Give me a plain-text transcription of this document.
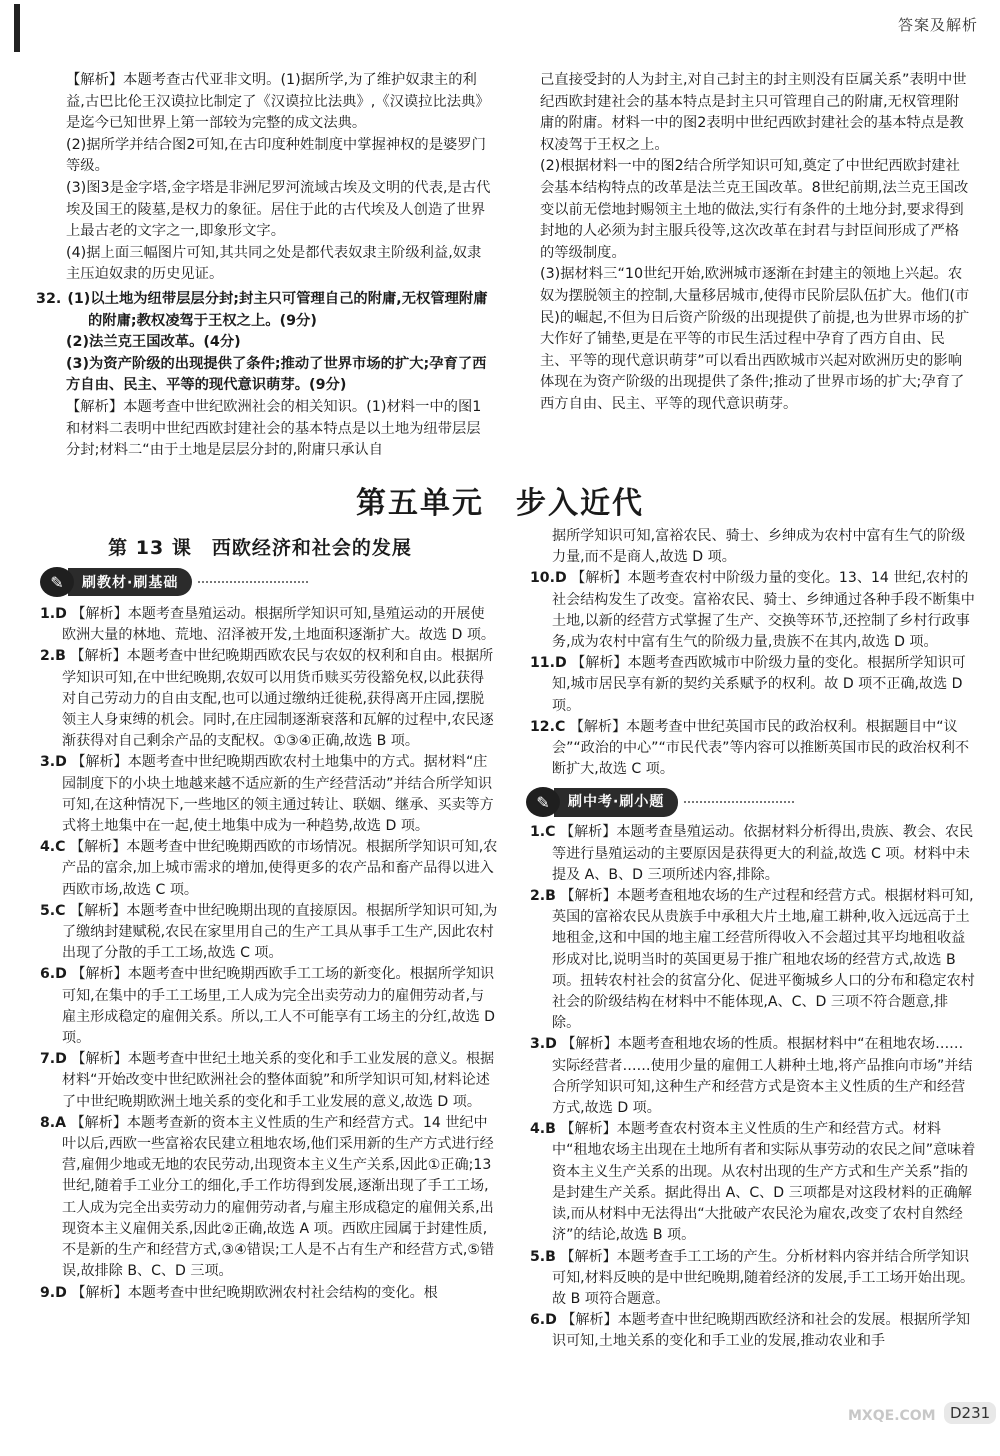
答案及解析

【解析】本题考查古代亚非文明。(1)据所学,为了维护奴隶主的利益,古巴比伦王汉谟拉比制定了《汉谟拉比法典》,《汉谟拉比法典》是迄今已知世界上第一部较为完整的成文法典。

(2)据所学并结合图2可知,在古印度种姓制度中掌握神权的是婆罗门等级。

(3)图3是金字塔,金字塔是非洲尼罗河流域古埃及文明的代表,是古代埃及国王的陵墓,是权力的象征。居住于此的古代埃及人创造了世界上最古老的文字之一,即象形文字。

(4)据上面三幅图片可知,其共同之处是都代表奴隶主阶级利益,奴隶主压迫奴隶的历史见证。

32. (1)以土地为纽带层层分封;封主只可管理自己的附庸,无权管理附庸的附庸;教权凌驾于王权之上。(9分)

(2)法兰克王国改革。(4分)

(3)为资产阶级的出现提供了条件;推动了世界市场的扩大;孕育了西方自由、民主、平等的现代意识萌芽。(9分)

【解析】本题考查中世纪欧洲社会的相关知识。(1)材料一中的图1和材料二表明中世纪西欧封建社会的基本特点是以土地为纽带层层分封;材料二“由于土地是层层分封的,附庸只承认自

己直接受封的人为封主,对自己封主的封主则没有臣属关系”表明中世纪西欧封建社会的基本特点是封主只可管理自己的附庸,无权管理附庸的附庸。材料一中的图2表明中世纪西欧封建社会的基本特点是教权凌驾于王权之上。

(2)根据材料一中的图2结合所学知识可知,奠定了中世纪西欧封建社会基本结构特点的改革是法兰克王国改革。8世纪前期,法兰克王国改变以前无偿地封赐领主土地的做法,实行有条件的土地分封,要求得到封地的人必须为封主服兵役等,这次改革在封君与封臣间形成了严格的等级制度。

(3)据材料三“10世纪开始,欧洲城市逐渐在封建主的领地上兴起。农奴为摆脱领主的控制,大量移居城市,使得市民阶层队伍扩大。他们(市民)的崛起,不但为日后资产阶级的出现提供了前提,也为世界市场的扩大作好了铺垫,更是在平等的市民生活过程中孕育了西方自由、民主、平等的现代意识萌芽”可以看出西欧城市兴起对欧洲历史的影响体现在为资产阶级的出现提供了条件;推动了世界市场的扩大;孕育了西方自由、民主、平等的现代意识萌芽。

第五单元　步入近代
第 13 课　西欧经济和社会的发展
✎	刷教材·刷基础
1.D 【解析】本题考查垦殖运动。根据所学知识可知,垦殖运动的开展使欧洲大量的林地、荒地、沼泽被开发,土地面积逐渐扩大。故选 D 项。
2.B 【解析】本题考查中世纪晚期西欧农民与农奴的权利和自由。根据所学知识可知,在中世纪晚期,农奴可以用货币赎买劳役豁免权,以此获得对自己劳动力的自由支配,也可以通过缴纳迁徙税,获得离开庄园,摆脱领主人身束缚的机会。同时,在庄园制逐渐衰落和瓦解的过程中,农民逐渐获得对自己剩余产品的支配权。①③④正确,故选 B 项。
3.D 【解析】本题考查中世纪晚期西欧农村土地集中的方式。据材料“庄园制度下的小块土地越来越不适应新的生产经营活动”并结合所学知识可知,在这种情况下,一些地区的领主通过转让、联姻、继承、买卖等方式将土地集中在一起,使土地集中成为一种趋势,故选 D 项。
4.C 【解析】本题考查中世纪晚期西欧的市场情况。根据所学知识可知,农产品的富余,加上城市需求的增加,使得更多的农产品和畜产品得以进入西欧市场,故选 C 项。
5.C 【解析】本题考查中世纪晚期出现的直接原因。根据所学知识可知,为了缴纳封建赋税,农民在家里用自己的生产工具从事手工生产,因此农村出现了分散的手工工场,故选 C 项。
6.D 【解析】本题考查中世纪晚期西欧手工工场的新变化。根据所学知识可知,在集中的手工工场里,工人成为完全出卖劳动力的雇佣劳动者,与雇主形成稳定的雇佣关系。所以,工人不可能享有工场主的分红,故选 D 项。
7.D 【解析】本题考查中世纪土地关系的变化和手工业发展的意义。根据材料“开始改变中世纪欧洲社会的整体面貌”和所学知识可知,材料论述了中世纪晚期欧洲土地关系的变化和手工业发展的意义,故选 D 项。
8.A 【解析】本题考查新的资本主义性质的生产和经营方式。14 世纪中叶以后,西欧一些富裕农民建立租地农场,他们采用新的生产方式进行经营,雇佣少地或无地的农民劳动,出现资本主义生产关系,因此①正确;13 世纪,随着手工业分工的细化,手工作坊得到发展,逐渐出现了手工工场,工人成为完全出卖劳动力的雇佣劳动者,与雇主形成稳定的雇佣关系,出现资本主义雇佣关系,因此②正确,故选 A 项。西欧庄园属于封建性质,不是新的生产和经营方式,③④错误;工人是不占有生产和经营方式,⑤错误,故排除 B、C、D 三项。
9.D 【解析】本题考查中世纪晚期欧洲农村社会结构的变化。根

据所学知识可知,富裕农民、骑士、乡绅成为农村中富有生气的阶级力量,而不是商人,故选 D 项。

10.D 【解析】本题考查农村中阶级力量的变化。13、14 世纪,农村的社会结构发生了改变。富裕农民、骑士、乡绅通过各种手段不断集中土地,以新的经营方式掌握了生产、交换等环节,还控制了乡村行政事务,成为农村中富有生气的阶级力量,贵族不在其内,故选 D 项。
11.D 【解析】本题考查西欧城市中阶级力量的变化。根据所学知识可知,城市居民享有新的契约关系赋予的权利。故 D 项不正确,故选 D 项。
12.C 【解析】本题考查中世纪英国市民的政治权利。根据题目中“议会”“政治的中心”“市民代表”等内容可以推断英国市民的政治权利不断扩大,故选 C 项。
✎	刷中考·刷小题
1.C 【解析】本题考查垦殖运动。依据材料分析得出,贵族、教会、农民等进行垦殖运动的主要原因是获得更大的利益,故选 C 项。材料中未提及 A、B、D 三项所述内容,排除。
2.B 【解析】本题考查租地农场的生产过程和经营方式。根据材料可知,英国的富裕农民从贵族手中承租大片土地,雇工耕种,收入远远高于土地租金,这和中国的地主雇工经营所得收入不会超过其平均地租收益形成对比,说明当时的英国更易于推广租地农场的经营方式,故选 B 项。扭转农村社会的贫富分化、促进平衡城乡人口的分布和稳定农村社会的阶级结构在材料中不能体现,A、C、D 三项不符合题意,排除。
3.D 【解析】本题考查租地农场的性质。根据材料中“在租地农场……实际经营者……使用少量的雇佣工人耕种土地,将产品推向市场”并结合所学知识可知,这种生产和经营方式是资本主义性质的生产和经营方式,故选 D 项。
4.B 【解析】本题考查农村资本主义性质的生产和经营方式。材料中“租地农场主出现在土地所有者和实际从事劳动的农民之间”意味着资本主义生产关系的出现。从农村出现的生产方式和生产关系”指的是封建生产关系。据此得出 A、C、D 三项都是对这段材料的正确解读,而从材料中无法得出“大批破产农民沦为雇农,改变了农村自然经济”的结论,故选 B 项。
5.B 【解析】本题考查手工工场的产生。分析材料内容并结合所学知识可知,材料反映的是中世纪晚期,随着经济的发展,手工工场开始出现。故 B 项符合题意。
6.D 【解析】本题考查中世纪晚期西欧经济和社会的发展。根据所学知识可知,土地关系的变化和手工业的发展,推动农业和手
MXQE.COM D231
